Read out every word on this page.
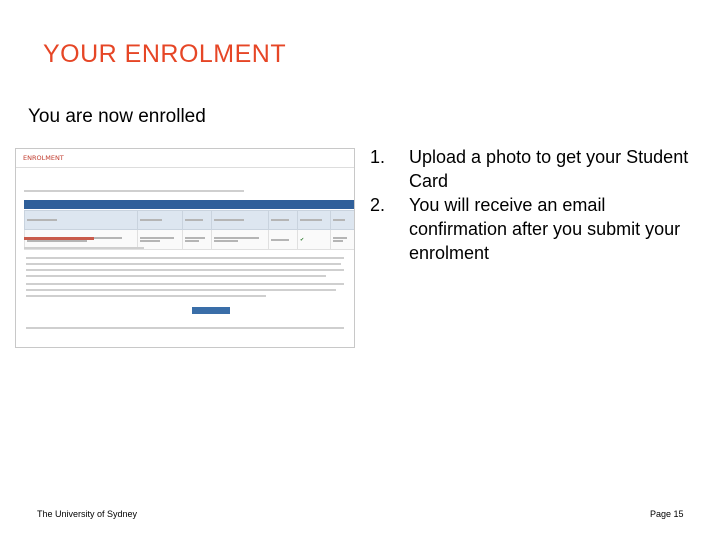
YOUR ENROLMENT
You are now enrolled
ENROLMENT

	✔	
1. Upload a photo to get your Student Card
2. You will receive an email confirmation after you submit your enrolment
The University of Sydney	Page 15
